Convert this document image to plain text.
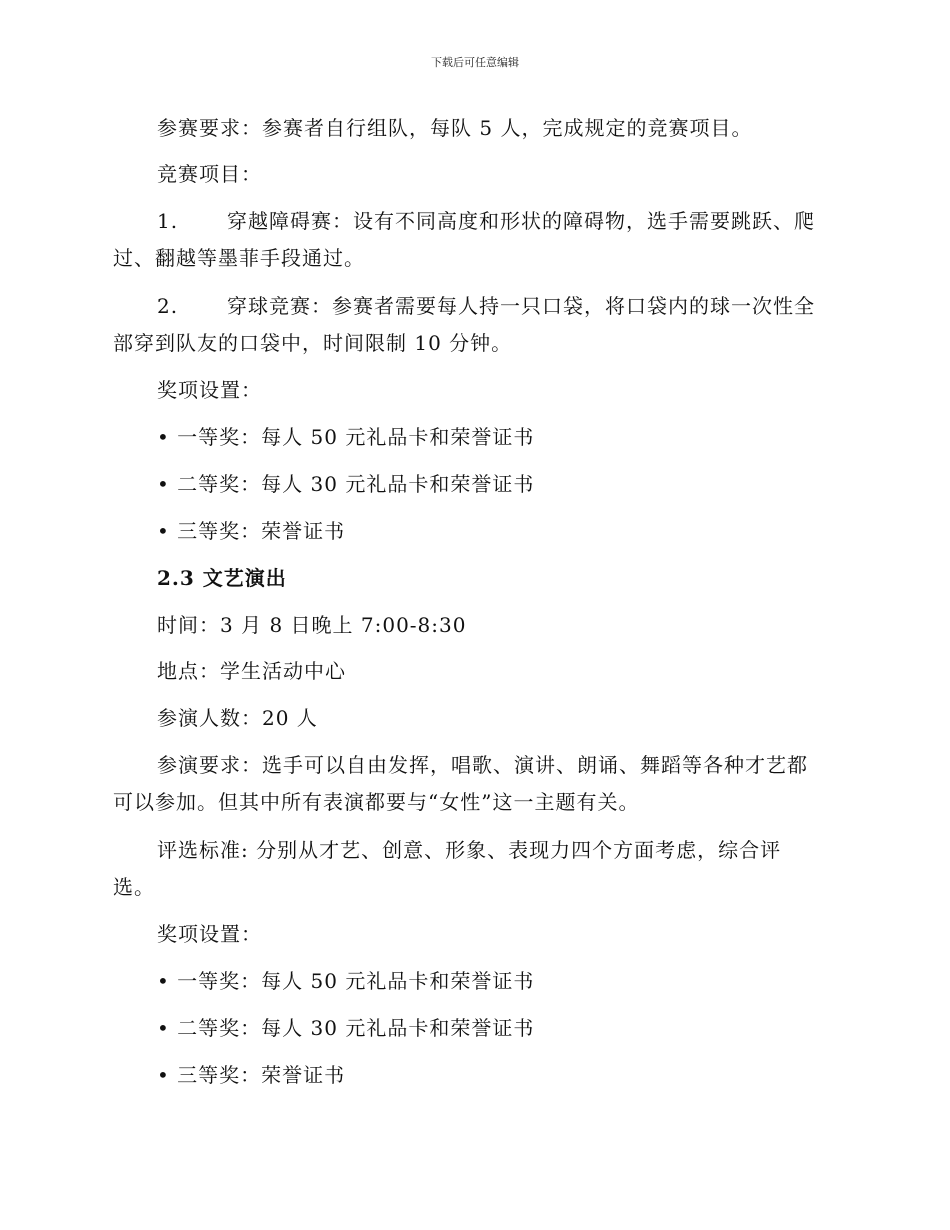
下载后可任意编辑
参赛要求：参赛者自行组队，每队 5 人，完成规定的竞赛项目。
竞赛项目：
1. 穿越障碍赛：设有不同高度和形状的障碍物，选手需要跳跃、爬
过、翻越等墨菲手段通过。
2. 穿球竞赛：参赛者需要每人持一只口袋，将口袋内的球一次性全
部穿到队友的口袋中，时间限制 10 分钟。
奖项设置：
• 一等奖：每人 50 元礼品卡和荣誉证书
• 二等奖：每人 30 元礼品卡和荣誉证书
• 三等奖：荣誉证书
2.3 文艺演出
时间：3 月 8 日晚上 7:00-8:30
地点：学生活动中心
参演人数：20 人
参演要求：选手可以自由发挥，唱歌、演讲、朗诵、舞蹈等各种才艺都
可以参加。但其中所有表演都要与“女性”这一主题有关。
评选标准: 分别从才艺、创意、形象、表现力四个方面考虑，综合评
选。
奖项设置：
• 一等奖：每人 50 元礼品卡和荣誉证书
• 二等奖：每人 30 元礼品卡和荣誉证书
• 三等奖：荣誉证书
